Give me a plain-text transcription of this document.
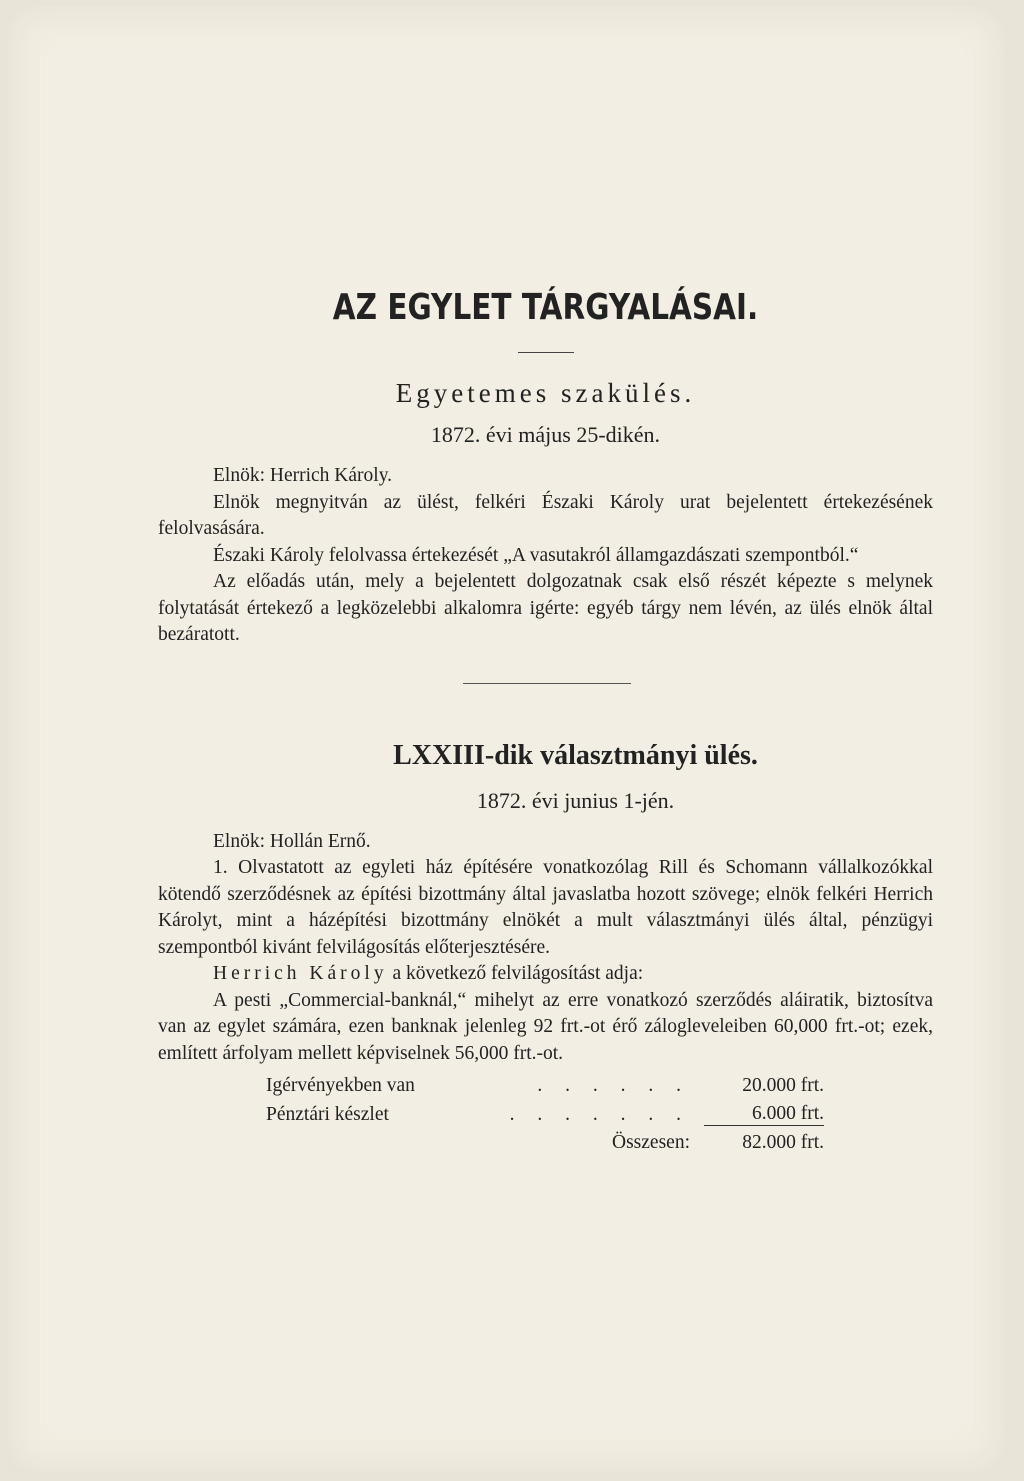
AZ EGYLET TÁRGYALÁSAI.
Egyetemes szakülés.
1872. évi május 25-dikén.

Elnök: Herrich Károly.

Elnök megnyitván az ülést, felkéri Északi Károly urat bejelentett értekezésének felolvasására.

Északi Károly felolvassa értekezését „A vasutakról államgazdászati szempontból.“

Az előadás után, mely a bejelentett dolgozatnak csak első részét képezte s melynek folytatását értekező a legközelebbi alkalomra igérte: egyéb tárgy nem lévén, az ülés elnök által bezáratott.

LXXIII-dik választmányi ülés.
1872. évi junius 1-jén.

Elnök: Hollán Ernő.

1. Olvastatott az egyleti ház építésére vonatkozólag Rill és Schomann vállalkozókkal kötendő szerződésnek az építési bizottmány által javaslatba hozott szövege; elnök felkéri Herrich Károlyt, mint a házépítési bizottmány elnökét a mult választmányi ülés által, pénzügyi szempontból kivánt felvilágosítás előterjesztésére.

Herrich Károly a következő felvilágosítást adja:

A pesti „Commercial-banknál,“ mihelyt az erre vonatkozó szerződés aláiratik, biztosítva van az egylet számára, ezen banknak jelenleg 92 frt.-ot érő zálogleveleiben 60,000 frt.-ot; ezek, említett árfolyam mellett képviselnek 56,000 frt.-ot.

Igérvényekben van	. . . . . .	20.000 frt.
Pénztári készlet	. . . . . . .	6.000 frt.
	Összesen:	82.000 frt.
